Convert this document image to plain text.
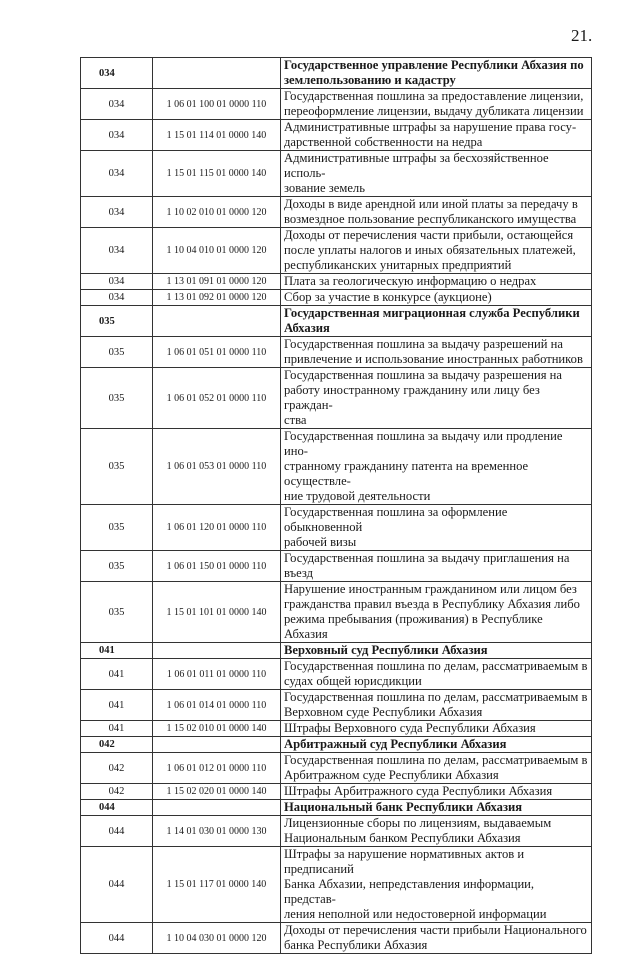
21.
034		Государственное управление Республики Абхазия по
землепользованию и кадастру
034	1 06 01 100 01 0000 110	Государственная пошлина за предоставление лицензии,
переоформление лицензии, выдачу дубликата лицензии
034	1 15 01 114 01 0000 140	Административные штрафы за нарушение права госу-
дарственной собственности на недра
034	1 15 01 115 01 0000 140	Административные штрафы за бесхозяйственное исполь-
зование земель
034	1 10 02 010 01 0000 120	Доходы в виде арендной или иной платы за передачу в
возмездное пользование республиканского имущества
034	1 10 04 010 01 0000 120	Доходы от перечисления части прибыли, остающейся
после уплаты налогов и иных обязательных платежей,
республиканских унитарных предприятий
034	1 13 01 091 01 0000 120	Плата за геологическую информацию о недрах
034	1 13 01 092 01 0000 120	Сбор за участие в конкурсе (аукционе)
035		Государственная миграционная служба Республики
Абхазия
035	1 06 01 051 01 0000 110	Государственная пошлина за выдачу разрешений на
привлечение и использование иностранных работников
035	1 06 01 052 01 0000 110	Государственная пошлина за выдачу разрешения на
работу иностранному гражданину или лицу без граждан-
ства
035	1 06 01 053 01 0000 110	Государственная пошлина за выдачу или продление ино-
странному гражданину патента на временное осуществле-
ние трудовой деятельности
035	1 06 01 120 01 0000 110	Государственная пошлина за оформление обыкновенной
рабочей визы
035	1 06 01 150 01 0000 110	Государственная пошлина за выдачу приглашения на
въезд
035	1 15 01 101 01 0000 140	Нарушение иностранным гражданином или лицом без
гражданства правил въезда в Республику Абхазия либо
режима пребывания (проживания) в Республике Абхазия
041		Верховный суд Республики Абхазия
041	1 06 01 011 01 0000 110	Государственная пошлина по делам, рассматриваемым в
судах общей юрисдикции
041	1 06 01 014 01 0000 110	Государственная пошлина по делам, рассматриваемым в
Верховном суде Республики Абхазия
041	1 15 02 010 01 0000 140	Штрафы Верховного суда Республики Абхазия
042		Арбитражный суд Республики Абхазия
042	1 06 01 012 01 0000 110	Государственная пошлина по делам, рассматриваемым в
Арбитражном суде Республики Абхазия
042	1 15 02 020 01 0000 140	Штрафы Арбитражного суда Республики Абхазия
044		Национальный банк Республики Абхазия
044	1 14 01 030 01 0000 130	Лицензионные сборы по лицензиям, выдаваемым
Национальным банком Республики Абхазия
044	1 15 01 117 01 0000 140	Штрафы за нарушение нормативных актов и предписаний
Банка Абхазии, непредставления информации, представ-
ления неполной или недостоверной информации
044	1 10 04 030 01 0000 120	Доходы от перечисления части прибыли Национального
банка Республики Абхазия
